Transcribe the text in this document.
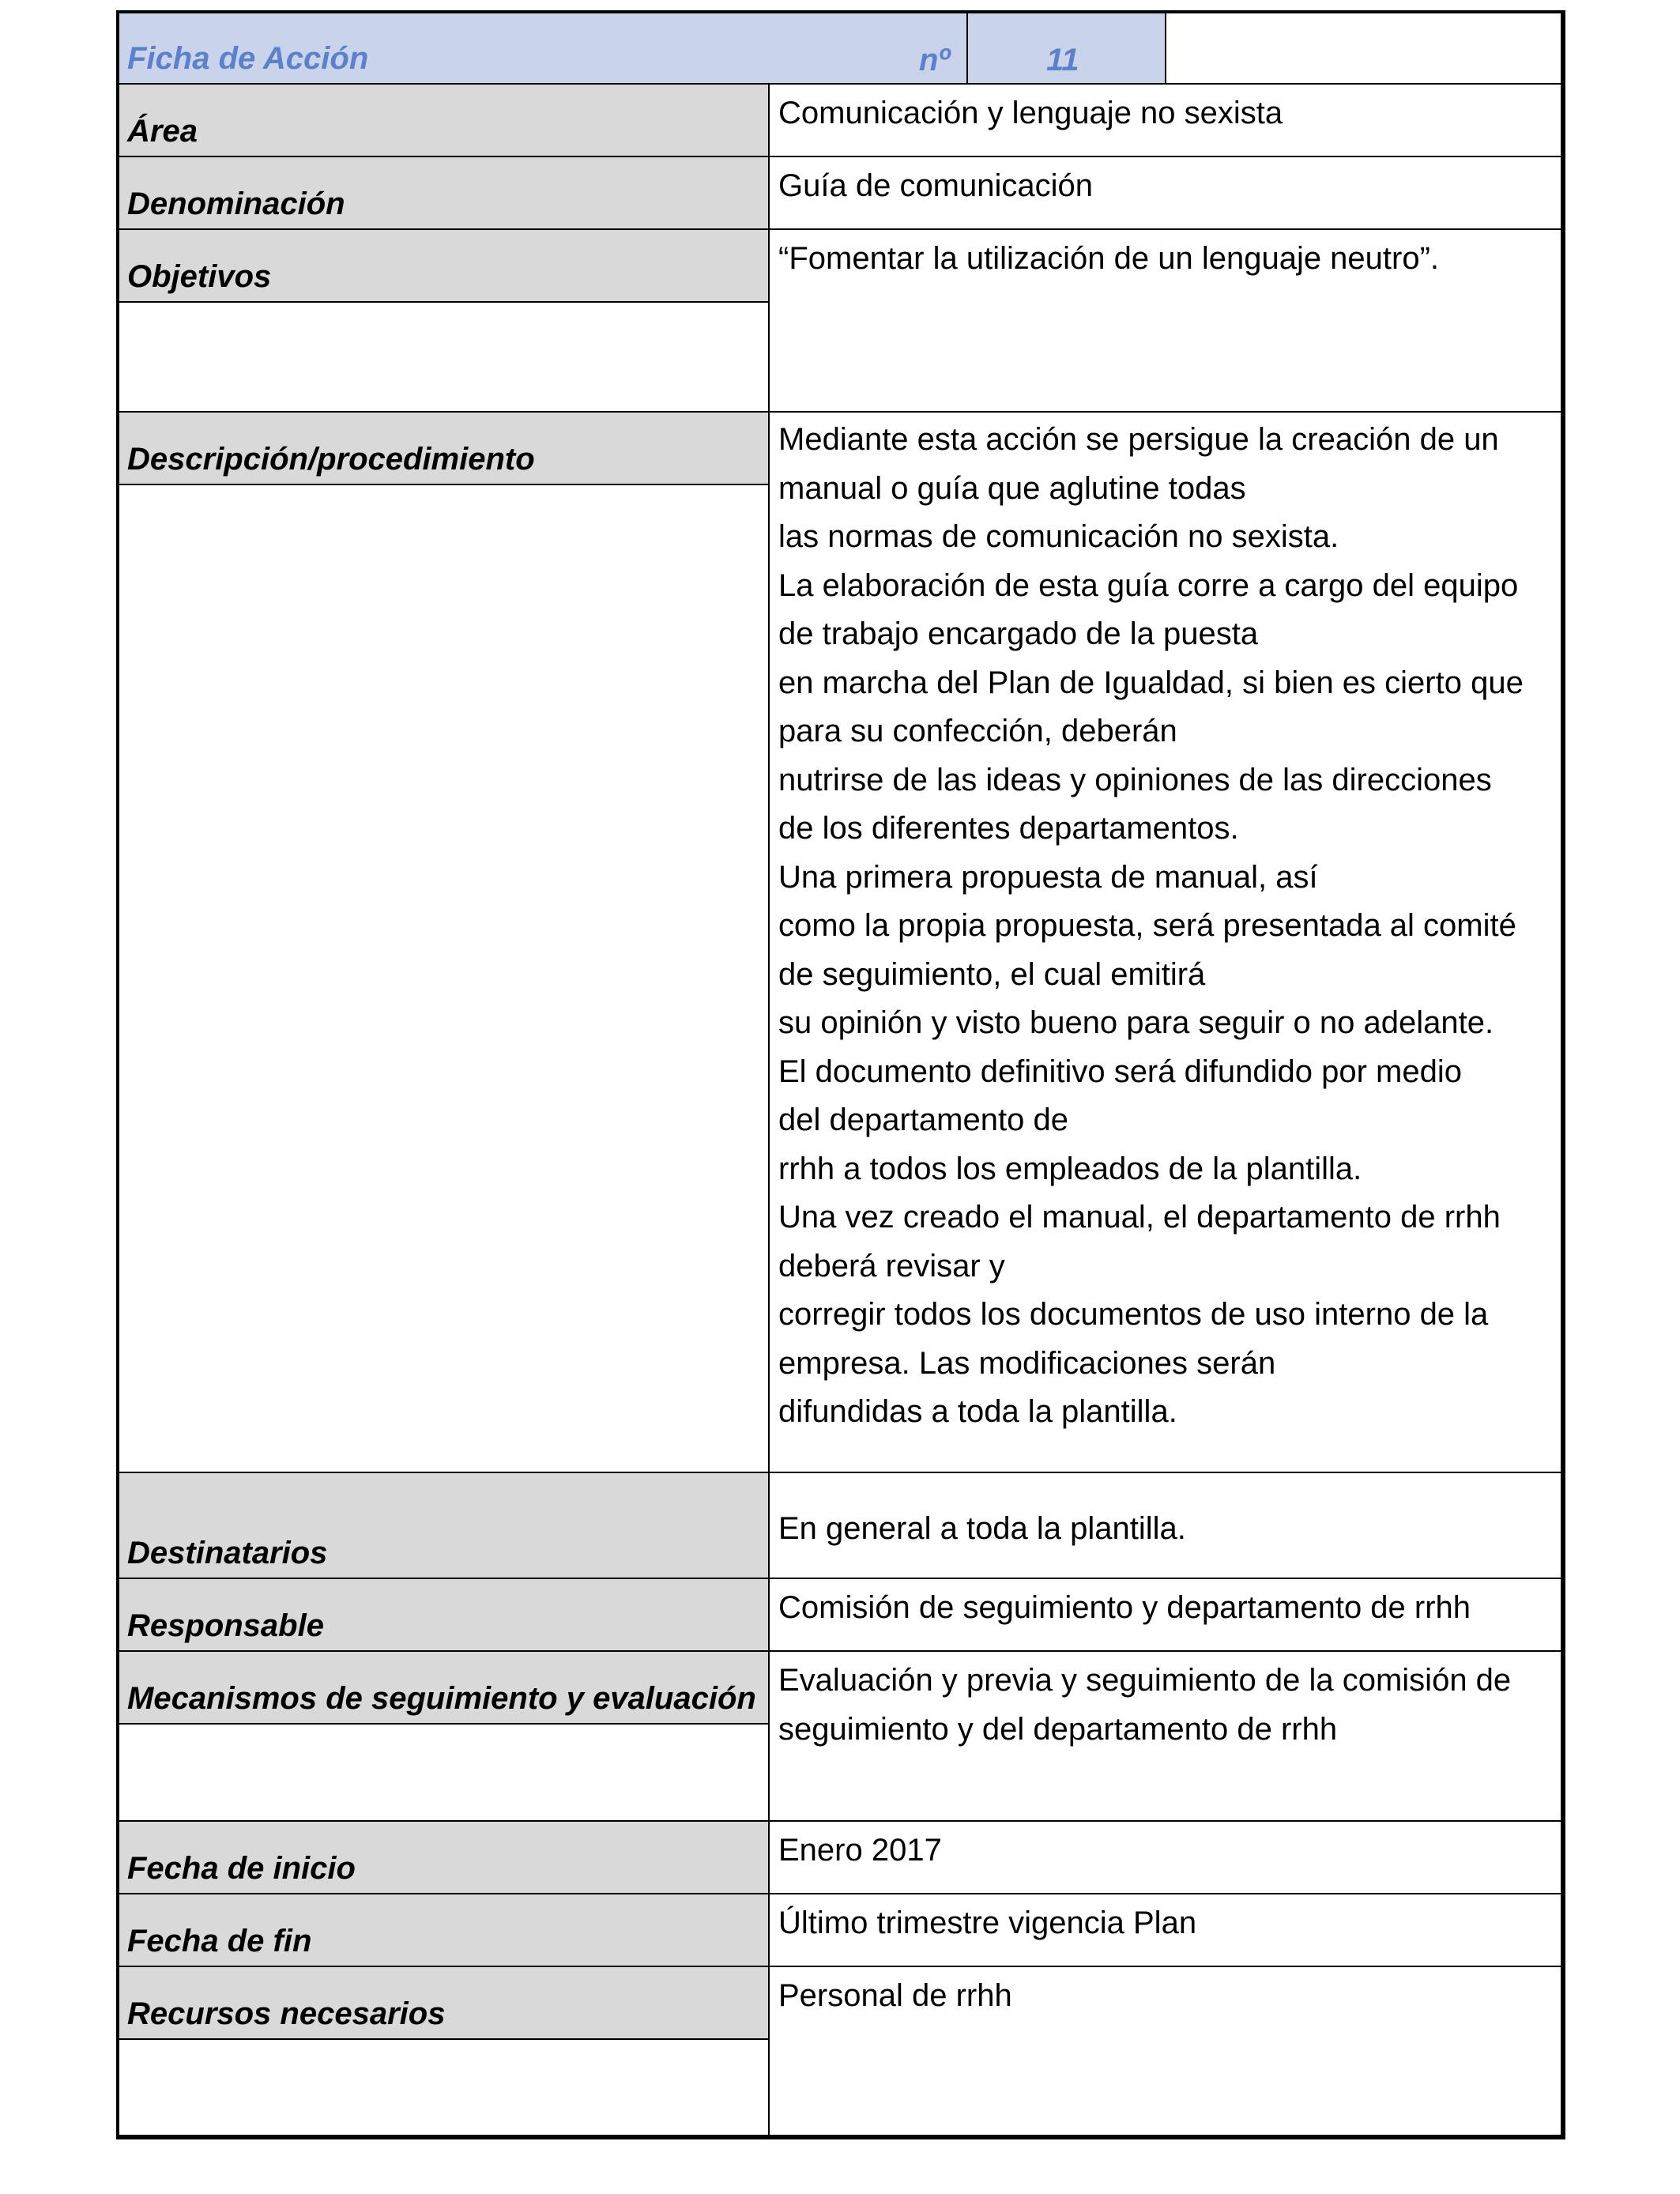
Ficha de Acción	nº	11
Área
Denominación
Objetivos
Descripción/procedimiento
Destinatarios
Responsable
Mecanismos de seguimiento y evaluación
Fecha de inicio
Fecha de fin
Recursos necesarios
Comunicación y lenguaje no sexista
Guía de comunicación
“Fomentar la utilización de un lenguaje neutro”.
Mediante esta acción se persigue la creación de un
manual o guía que aglutine todas
las normas de comunicación no sexista.
La elaboración de esta guía corre a cargo del equipo
de trabajo encargado de la puesta
en marcha del Plan de Igualdad, si bien es cierto que
para su confección, deberán
nutrirse de las ideas y opiniones de las direcciones
de los diferentes departamentos.
Una primera propuesta de manual, así
como la propia propuesta, será presentada al comité
de seguimiento, el cual emitirá
su opinión y visto bueno para seguir o no adelante.
El documento definitivo será difundido por medio
del departamento de
rrhh a todos los empleados de la plantilla.
Una vez creado el manual, el departamento de rrhh
deberá revisar y
corregir todos los documentos de uso interno de la
empresa. Las modificaciones serán
difundidas a toda la plantilla.
En general a toda la plantilla.
Comisión de seguimiento y departamento de rrhh
Evaluación y previa y seguimiento de la comisión de
seguimiento y del departamento de rrhh
Enero 2017
Último trimestre vigencia Plan
Personal de rrhh
